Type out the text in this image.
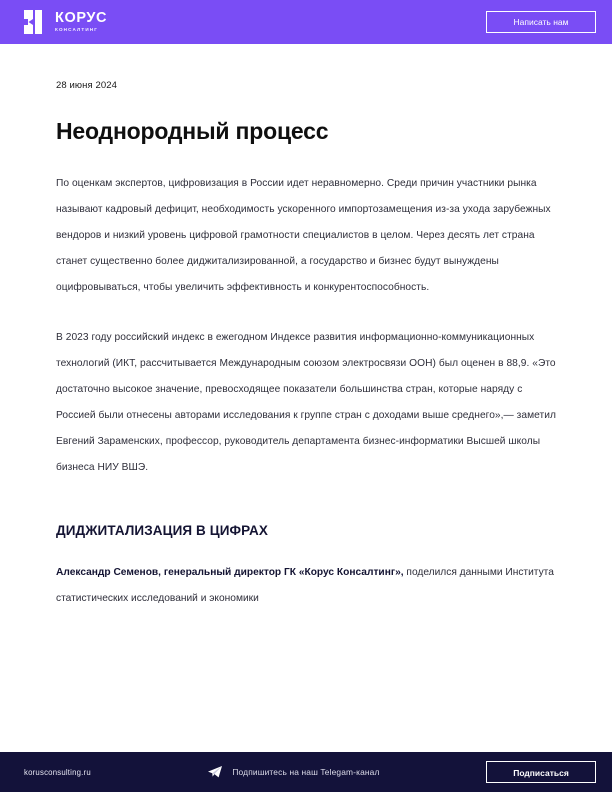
КОРУС
КОНСАЛТИНГ
Написать нам
28 июня 2024
Неоднородный процесс

По оценкам экспертов, цифровизация в России идет неравномерно. Среди причин участники рынка называют кадровый дефицит, необходимость ускоренного импортозамещения из-за ухода зарубежных вендоров и низкий уровень цифровой грамотности специалистов в целом. Через десять лет страна станет существенно более диджитализированной, а государство и бизнес будут вынуждены оцифровываться, чтобы увеличить эффективность и конкурентоспособность.

В 2023 году российский индекс в ежегодном Индексе развития информационно-коммуникационных технологий (ИКТ, рассчитывается Международным союзом электросвязи ООН) был оценен в 88,9. «Это достаточно высокое значение, превосходящее показатели большинства стран, которые наряду с Россией были отнесены авторами исследования к группе стран с доходами выше среднего»,— заметил Евгений Зараменских, профессор, руководитель департамента бизнес-информатики Высшей школы бизнеса НИУ ВШЭ.

ДИДЖИТАЛИЗАЦИЯ В ЦИФРАХ

Александр Семенов, генеральный директор ГК «Корус Консалтинг», поделился данными Института статистических исследований и экономики

korusconsulting.ru	Подпишитесь на наш Telegam-канал	Подписаться
